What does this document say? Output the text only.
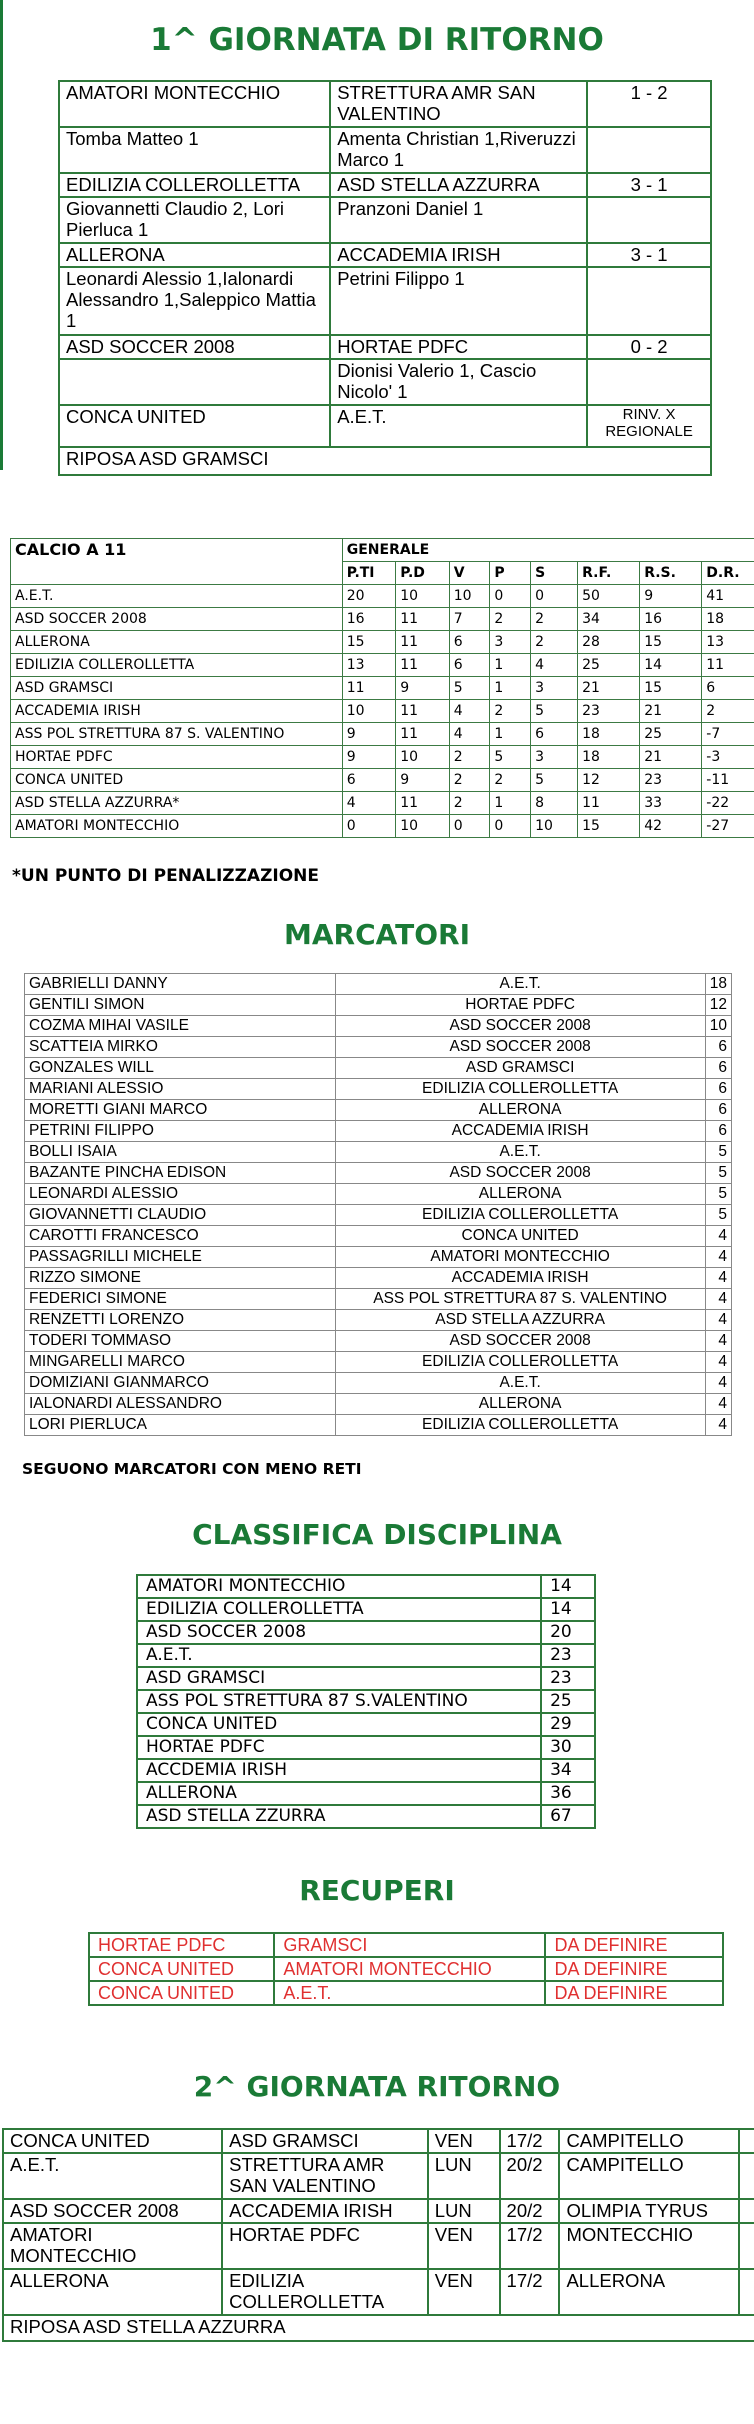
1^ GIORNATA DI RITORNO
AMATORI MONTECCHIO	STRETTURA AMR SAN VALENTINO	1 - 2
Tomba Matteo 1	Amenta Christian 1,Riveruzzi Marco 1	
EDILIZIA COLLEROLLETTA	ASD STELLA AZZURRA	3 - 1
Giovannetti Claudio 2, Lori Pierluca 1	Pranzoni Daniel 1	
ALLERONA	ACCADEMIA IRISH	3 - 1
Leonardi Alessio 1,Ialonardi Alessandro 1,Saleppico Mattia 1	Petrini Filippo 1	
ASD SOCCER 2008	HORTAE PDFC	0 - 2
	Dionisi Valerio 1, Cascio Nicolo' 1	
CONCA UNITED	A.E.T.	RINV. X REGIONALE
RIPOSA ASD GRAMSCI		
CALCIO A 11	GENERALE							
	P.TI	P.D	V	P	S	R.F.	R.S.	D.R.
A.E.T.	20	10	10	0	0	50	9	41
ASD SOCCER 2008	16	11	7	2	2	34	16	18
ALLERONA	15	11	6	3	2	28	15	13
EDILIZIA COLLEROLLETTA	13	11	6	1	4	25	14	11
ASD GRAMSCI	11	9	5	1	3	21	15	6
ACCADEMIA IRISH	10	11	4	2	5	23	21	2
ASS POL STRETTURA 87 S. VALENTINO	9	11	4	1	6	18	25	-7
HORTAE PDFC	9	10	2	5	3	18	21	-3
CONCA UNITED	6	9	2	2	5	12	23	-11
ASD STELLA AZZURRA*	4	11	2	1	8	11	33	-22
AMATORI MONTECCHIO	0	10	0	0	10	15	42	-27
*UN PUNTO DI PENALIZZAZIONE
MARCATORI
GABRIELLI DANNY	A.E.T.	18
GENTILI SIMON	HORTAE PDFC	12
COZMA MIHAI VASILE	ASD SOCCER 2008	10
SCATTEIA MIRKO	ASD SOCCER 2008	6
GONZALES WILL	ASD GRAMSCI	6
MARIANI ALESSIO	EDILIZIA COLLEROLLETTA	6
MORETTI GIANI MARCO	ALLERONA	6
PETRINI FILIPPO	ACCADEMIA IRISH	6
BOLLI ISAIA	A.E.T.	5
BAZANTE PINCHA EDISON	ASD SOCCER 2008	5
LEONARDI ALESSIO	ALLERONA	5
GIOVANNETTI CLAUDIO	EDILIZIA COLLEROLLETTA	5
CAROTTI FRANCESCO	CONCA UNITED	4
PASSAGRILLI MICHELE	AMATORI MONTECCHIO	4
RIZZO SIMONE	ACCADEMIA IRISH	4
FEDERICI SIMONE	ASS POL STRETTURA 87 S. VALENTINO	4
RENZETTI LORENZO	ASD STELLA AZZURRA	4
TODERI TOMMASO	ASD SOCCER 2008	4
MINGARELLI MARCO	EDILIZIA COLLEROLLETTA	4
DOMIZIANI GIANMARCO	A.E.T.	4
IALONARDI ALESSANDRO	ALLERONA	4
LORI PIERLUCA	EDILIZIA COLLEROLLETTA	4
SEGUONO MARCATORI CON MENO RETI
CLASSIFICA DISCIPLINA
AMATORI MONTECCHIO	14
EDILIZIA COLLEROLLETTA	14
ASD SOCCER 2008	20
A.E.T.	23
ASD GRAMSCI	23
ASS POL STRETTURA 87 S.VALENTINO	25
CONCA UNITED	29
HORTAE PDFC	30
ACCDEMIA IRISH	34
ALLERONA	36
ASD STELLA ZZURRA	67
RECUPERI
HORTAE PDFC	GRAMSCI	DA DEFINIRE
CONCA UNITED	AMATORI MONTECCHIO	DA DEFINIRE
CONCA UNITED	A.E.T.	DA DEFINIRE
2^ GIORNATA RITORNO
CONCA UNITED	ASD GRAMSCI	VEN	17/2	CAMPITELLO	
A.E.T.	STRETTURA AMR SAN VALENTINO	LUN	20/2	CAMPITELLO	
ASD SOCCER 2008	ACCADEMIA IRISH	LUN	20/2	OLIMPIA TYRUS	
AMATORI MONTECCHIO	HORTAE PDFC	VEN	17/2	MONTECCHIO	
ALLERONA	EDILIZIA COLLEROLLETTA	VEN	17/2	ALLERONA	
RIPOSA ASD STELLA AZZURRA					
